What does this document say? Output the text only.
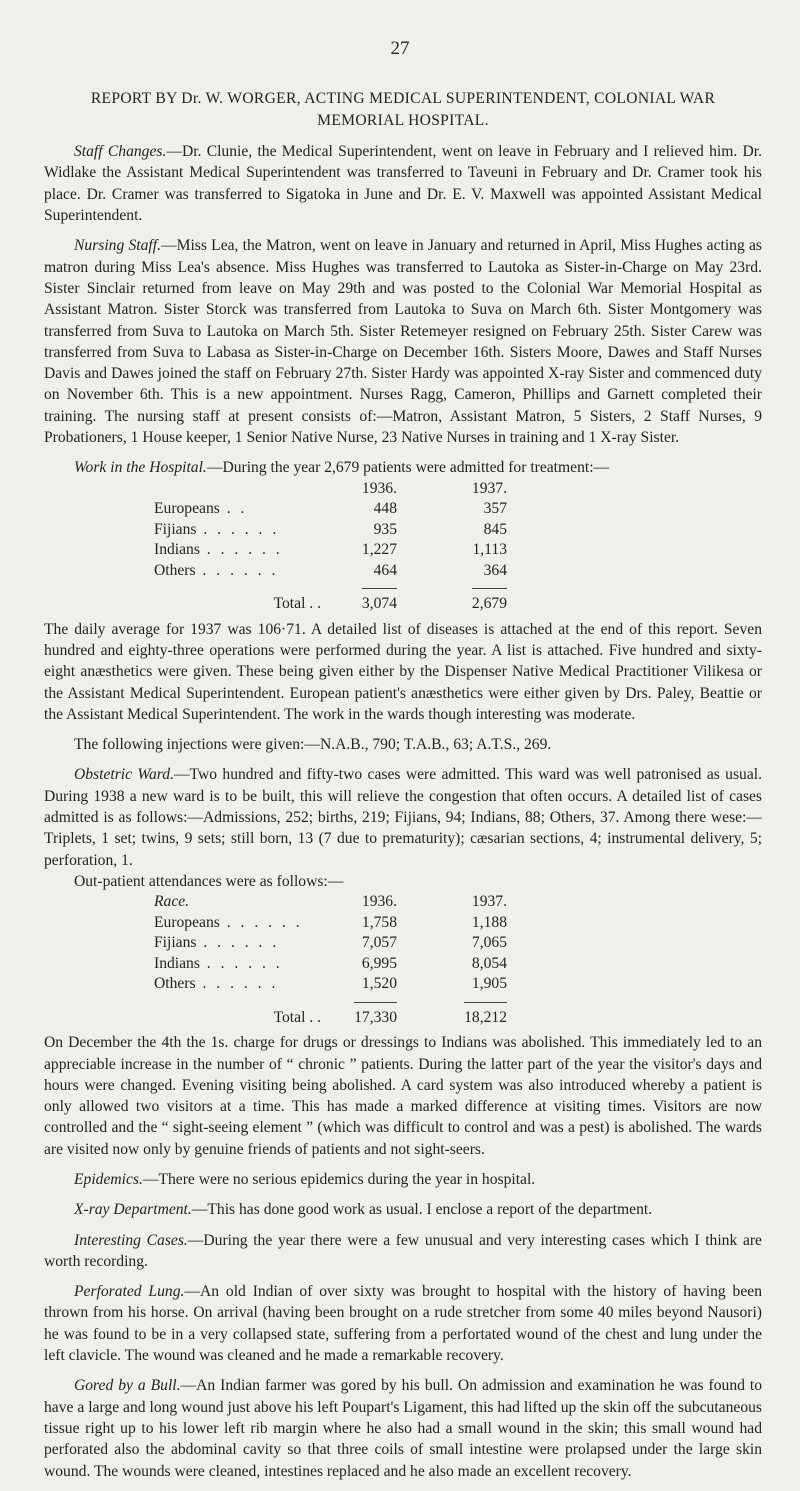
27
REPORT BY Dr. W. WORGER, ACTING MEDICAL SUPERINTENDENT, COLONIAL WAR MEMORIAL HOSPITAL.

Staff Changes.—Dr. Clunie, the Medical Superintendent, went on leave in February and I relieved him. Dr. Widlake the Assistant Medical Superintendent was transferred to Taveuni in February and Dr. Cramer took his place. Dr. Cramer was transferred to Sigatoka in June and Dr. E. V. Maxwell was appointed Assistant Medical Superintendent.

Nursing Staff.—Miss Lea, the Matron, went on leave in January and returned in April, Miss Hughes acting as matron during Miss Lea's absence. Miss Hughes was transferred to Lautoka as Sister-in-Charge on May 23rd. Sister Sinclair returned from leave on May 29th and was posted to the Colonial War Memorial Hospital as Assistant Matron. Sister Storck was transferred from Lautoka to Suva on March 6th. Sister Montgomery was transferred from Suva to Lautoka on March 5th. Sister Retemeyer resigned on February 25th. Sister Carew was transferred from Suva to Labasa as Sister-in-Charge on December 16th. Sisters Moore, Dawes and Staff Nurses Davis and Dawes joined the staff on February 27th. Sister Hardy was appointed X-ray Sister and commenced duty on November 6th. This is a new appointment. Nurses Ragg, Cameron, Phillips and Garnett completed their training. The nursing staff at present consists of:—Matron, Assistant Matron, 5 Sisters, 2 Staff Nurses, 9 Probationers, 1 House keeper, 1 Senior Native Nurse, 23 Native Nurses in training and 1 X-ray Sister.

Work in the Hospital.—During the year 2,679 patients were admitted for treatment:—

	1936.	1937.
Europeans . .	448	357
Fijians . . . . . .	935	845
Indians . . . . . .	1,227	1,113
Others . . . . . .	464	364
Total . .	3,074	2,679

The daily average for 1937 was 106·71. A detailed list of diseases is attached at the end of this report. Seven hundred and eighty-three operations were performed during the year. A list is attached. Five hundred and sixty-eight anæsthetics were given. These being given either by the Dispenser Native Medical Practitioner Vilikesa or the Assistant Medical Superintendent. European patient's anæsthetics were either given by Drs. Paley, Beattie or the Assistant Medical Superintendent. The work in the wards though interesting was moderate.

The following injections were given:—N.A.B., 790; T.A.B., 63; A.T.S., 269.

Obstetric Ward.—Two hundred and fifty-two cases were admitted. This ward was well patronised as usual. During 1938 a new ward is to be built, this will relieve the congestion that often occurs. A detailed list of cases admitted is as follows:—Admissions, 252; births, 219; Fijians, 94; Indians, 88; Others, 37. Among there wese:—Triplets, 1 set; twins, 9 sets; still born, 13 (7 due to prematurity); cæsarian sections, 4; instrumental delivery, 5; perforation, 1.

Out-patient attendances were as follows:—

Race.	1936.	1937.
Europeans . . . . . .	1,758	1,188
Fijians . . . . . .	7,057	7,065
Indians . . . . . .	6,995	8,054
Others . . . . . .	1,520	1,905
Total . .	17,330	18,212

On December the 4th the 1s. charge for drugs or dressings to Indians was abolished. This immediately led to an appreciable increase in the number of “ chronic ” patients. During the latter part of the year the visitor's days and hours were changed. Evening visiting being abolished. A card system was also introduced whereby a patient is only allowed two visitors at a time. This has made a marked difference at visiting times. Visitors are now controlled and the “ sight-seeing element ” (which was difficult to control and was a pest) is abolished. The wards are visited now only by genuine friends of patients and not sight-seers.

Epidemics.—There were no serious epidemics during the year in hospital.

X-ray Department.—This has done good work as usual. I enclose a report of the department.

Interesting Cases.—During the year there were a few unusual and very interesting cases which I think are worth recording.

Perforated Lung.—An old Indian of over sixty was brought to hospital with the history of having been thrown from his horse. On arrival (having been brought on a rude stretcher from some 40 miles beyond Nausori) he was found to be in a very collapsed state, suffering from a perfortated wound of the chest and lung under the left clavicle. The wound was cleaned and he made a remarkable recovery.

Gored by a Bull.—An Indian farmer was gored by his bull. On admission and examination he was found to have a large and long wound just above his left Poupart's Ligament, this had lifted up the skin off the subcutaneous tissue right up to his lower left rib margin where he also had a small wound in the skin; this small wound had perforated also the abdominal cavity so that three coils of small intestine were prolapsed under the large skin wound. The wounds were cleaned, intestines replaced and he also made an excellent recovery.
